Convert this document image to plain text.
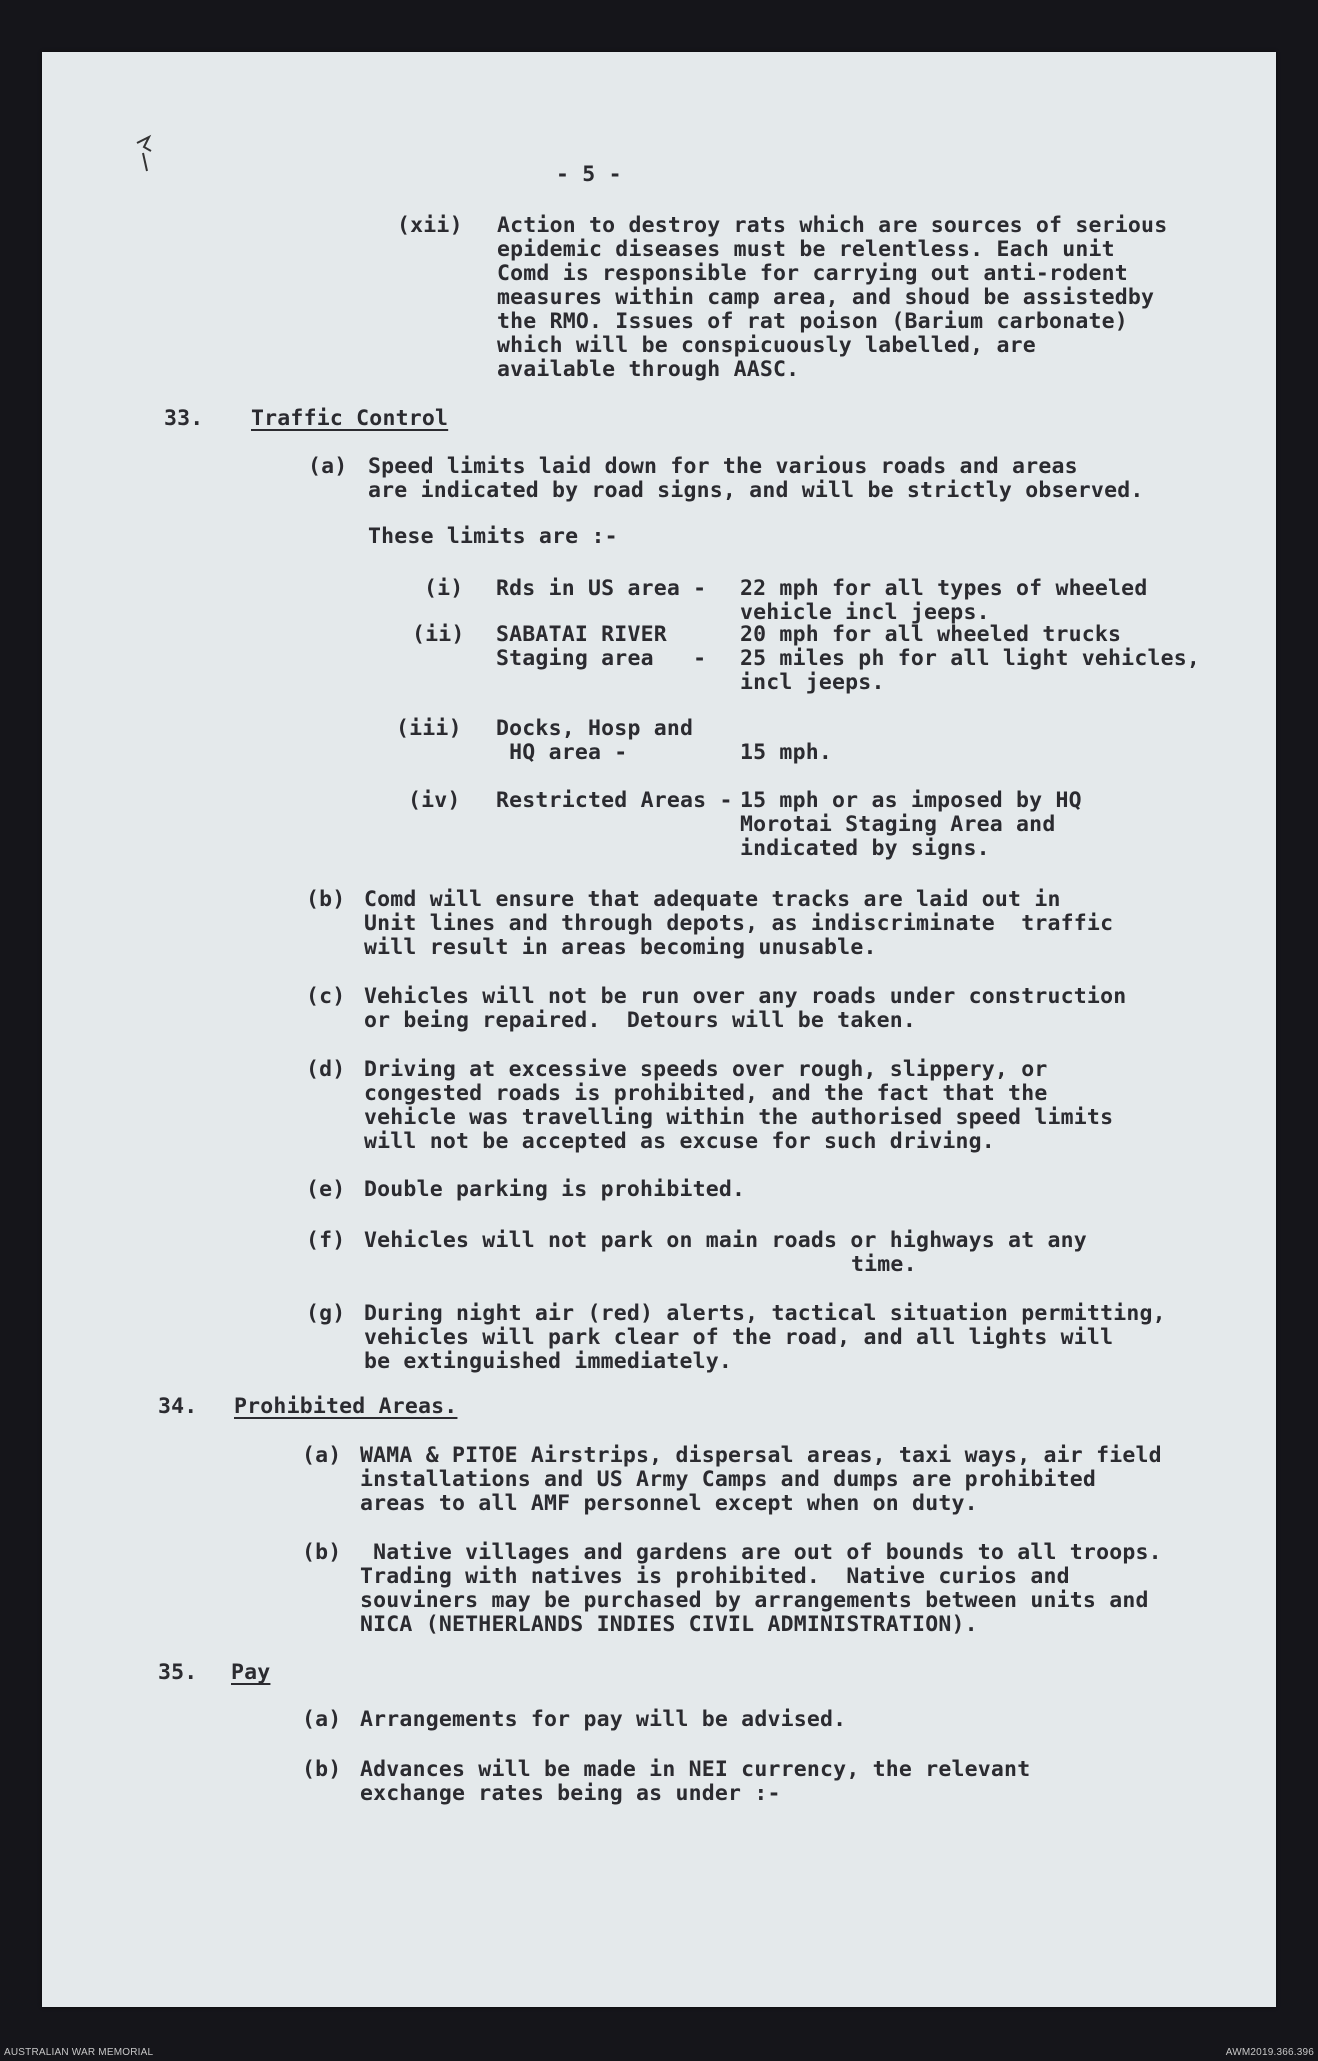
- 5 -

(xii) Action to destroy rats which are sources of serious

epidemic diseases must be relentless. Each unit

Comd is responsible for carrying out anti-rodent

measures within camp area, and shoud be assistedby

the RMO. Issues of rat poison (Barium carbonate)

which will be conspicuously labelled, are

available through AASC.

33. Traffic Control

(a) Speed limits laid down for the various roads and areas

are indicated by road signs, and will be strictly observed.

These limits are :-

(i) Rds in US area - 22 mph for all types of wheeled

vehicle incl jeeps.

(ii) SABATAI RIVER

Staging area   -

20 mph for all wheeled trucks

25 miles ph for all light vehicles,

incl jeeps.

(iii) Docks, Hosp and

HQ area -	15 mph.

(iv) Restricted Areas - 15 mph or as imposed by HQ

Morotai Staging Area and

indicated by signs.

(b) Comd will ensure that adequate tracks are laid out in

Unit lines and through depots, as indiscriminate  traffic

will result in areas becoming unusable.

(c) Vehicles will not be run over any roads under construction

or being repaired.  Detours will be taken.

(d) Driving at excessive speeds over rough, slippery, or

congested roads is prohibited, and the fact that the

vehicle was travelling within the authorised speed limits

will not be accepted as excuse for such driving.

(e) Double parking is prohibited.

(f) Vehicles will not park on main roads or highways at any

time.

(g) During night air (red) alerts, tactical situation permitting,

vehicles will park clear of the road, and all lights will

be extinguished immediately.

34. Prohibited Areas.

(a) WAMA & PITOE Airstrips, dispersal areas, taxi ways, air field

installations and US Army Camps and dumps are prohibited

areas to all AMF personnel except when on duty.

(b) Native villages and gardens are out of bounds to all troops.

Trading with natives is prohibited.  Native curios and

souviners may be purchased by arrangements between units and

NICA (NETHERLANDS INDIES CIVIL ADMINISTRATION).

35. Pay

(a) Arrangements for pay will be advised.

(b) Advances will be made in NEI currency, the relevant

exchange rates being as under :-

AUSTRALIAN WAR MEMORIAL	AWM2019.366.396
